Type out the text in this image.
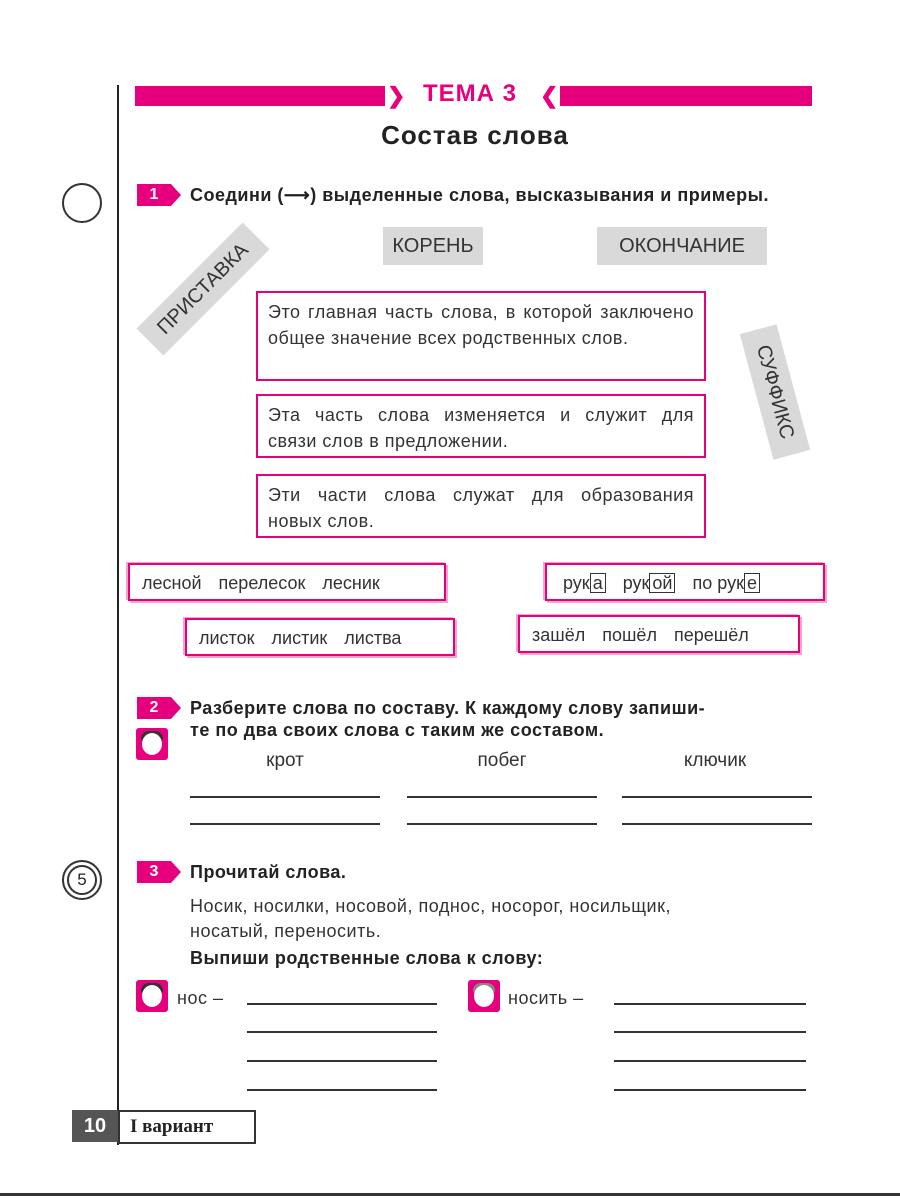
❯ ТЕМА 3	❮
Состав слова
5
1	Соедини (⟶) выделенные слова, высказывания и примеры.
КОРЕНЬ	ОКОНЧАНИЕ
ПРИСТАВКА
СУФФИКС
Это главная часть слова, в которой заключено общее значение всех родственных слов.
Эта часть слова изменяется и служит для связи слов в предложении.
Эти части слова служат для образования новых слов.
лесной перелесок лесник	рук а рук ой по рук е
листок листик листва	зашёл пошёл перешёл
2	Разберите слова по составу. К каждому слову запиши-
те по два своих слова с таким же составом.
крот	побег	ключик
3	Прочитай слова.
Носик, носилки, носовой, поднос, носорог, носильщик,
носатый, переносить.
Выпиши родственные слова к слову:
нос –	носить –
10	I вариант
